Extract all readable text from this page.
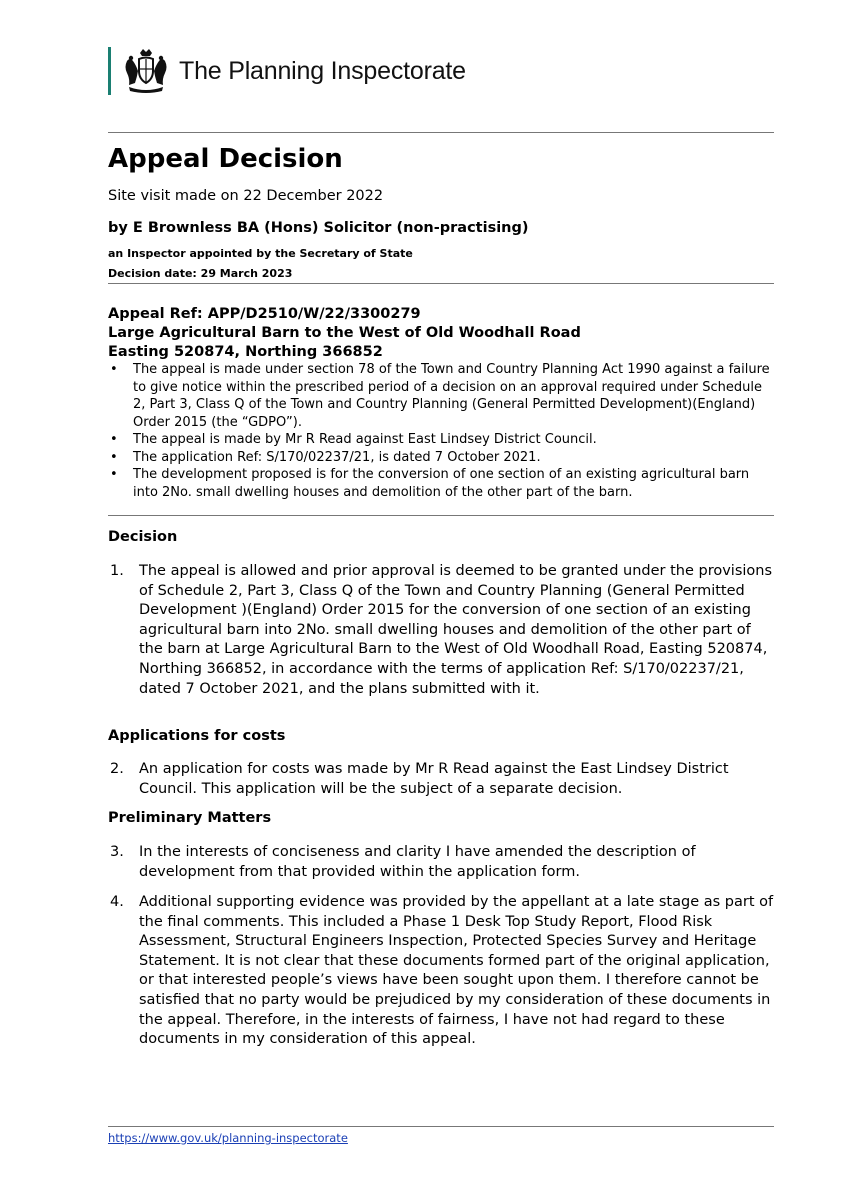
The Planning Inspectorate
Appeal Decision
Site visit made on 22 December 2022
by E Brownless BA (Hons) Solicitor (non-practising)
an Inspector appointed by the Secretary of State
Decision date: 29 March 2023
Appeal Ref: APP/D2510/W/22/3300279
Large Agricultural Barn to the West of Old Woodhall Road
Easting 520874, Northing 366852
• The appeal is made under section 78 of the Town and Country Planning Act 1990 against a failure to give notice within the prescribed period of a decision on an approval required under Schedule 2, Part 3, Class Q of the Town and Country Planning (General Permitted Development)(England) Order 2015 (the “GDPO”).
• The appeal is made by Mr R Read against East Lindsey District Council.
• The application Ref: S/170/02237/21, is dated 7 October 2021.
• The development proposed is for the conversion of one section of an existing agricultural barn into 2No. small dwelling houses and demolition of the other part of the barn.
Decision
1. The appeal is allowed and prior approval is deemed to be granted under the provisions of Schedule 2, Part 3, Class Q of the Town and Country Planning (General Permitted Development )(England) Order 2015 for the conversion of one section of an existing agricultural barn into 2No. small dwelling houses and demolition of the other part of the barn at Large Agricultural Barn to the West of Old Woodhall Road, Easting 520874, Northing 366852, in accordance with the terms of application Ref: S/170/02237/21, dated 7 October 2021, and the plans submitted with it.
Applications for costs
2. An application for costs was made by Mr R Read against the East Lindsey District Council. This application will be the subject of a separate decision.
Preliminary Matters
3. In the interests of conciseness and clarity I have amended the description of development from that provided within the application form.
4. Additional supporting evidence was provided by the appellant at a late stage as part of the final comments. This included a Phase 1 Desk Top Study Report, Flood Risk Assessment, Structural Engineers Inspection, Protected Species Survey and Heritage Statement. It is not clear that these documents formed part of the original application, or that interested people’s views have been sought upon them. I therefore cannot be satisfied that no party would be prejudiced by my consideration of these documents in the appeal. Therefore, in the interests of fairness, I have not had regard to these documents in my consideration of this appeal.
https://www.gov.uk/planning-inspectorate
